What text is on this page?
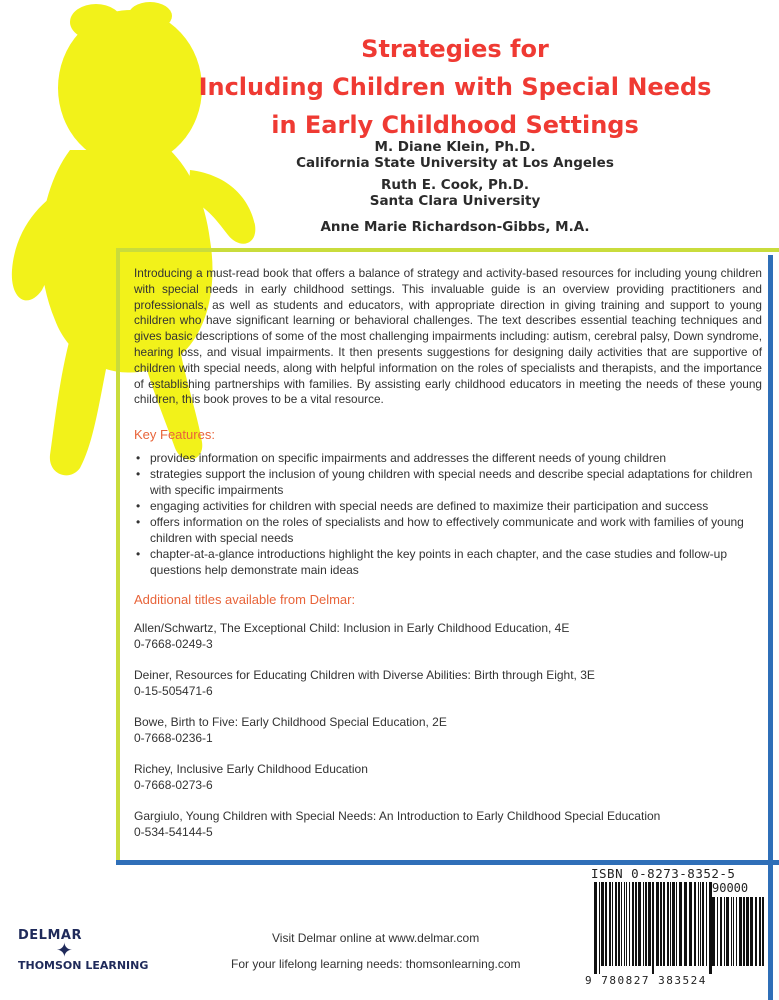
Strategies for
Including Children with Special Needs
in Early Childhood Settings
M. Diane Klein, Ph.D.
California State University at Los Angeles
Ruth E. Cook, Ph.D.
Santa Clara University
Anne Marie Richardson-Gibbs, M.A.

Introducing a must-read book that offers a balance of strategy and activity-based resources for including young children with special needs in early childhood settings. This invaluable guide is an overview providing practitioners and professionals, as well as students and educators, with appropriate direction in giving training and support to young children who have significant learning or behavioral challenges. The text describes essential teaching techniques and gives basic descriptions of some of the most challenging impairments including: autism, cerebral palsy, Down syndrome, hearing loss, and visual impairments. It then presents suggestions for designing daily activities that are supportive of children with special needs, along with helpful information on the roles of specialists and therapists, and the importance of establishing partnerships with families. By assisting early childhood educators in meeting the needs of these young children, this book proves to be a vital resource.

Key Features:
• provides information on specific impairments and addresses the different needs of young children
• strategies support the inclusion of young children with special needs and describe special adaptations for children with specific impairments
• engaging activities for children with special needs are defined to maximize their participation and success
• offers information on the roles of specialists and how to effectively communicate and work with families of young children with special needs
• chapter-at-a-glance introductions highlight the key points in each chapter, and the case studies and follow-up questions help demonstrate main ideas
Additional titles available from Delmar:
Allen/Schwartz, The Exceptional Child: Inclusion in Early Childhood Education, 4E
0-7668-0249-3
Deiner, Resources for Educating Children with Diverse Abilities: Birth through Eight, 3E
0-15-505471-6
Bowe, Birth to Five: Early Childhood Special Education, 2E
0-7668-0236-1
Richey, Inclusive Early Childhood Education
0-7668-0273-6
Gargiulo, Young Children with Special Needs: An Introduction to Early Childhood Special Education
0-534-54144-5
DELMAR
✦
THOMSON LEARNING
Visit Delmar online at www.delmar.com
For your lifelong learning needs: thomsonlearning.com
ISBN 0-8273-8352-5
90000
9 780827 383524
